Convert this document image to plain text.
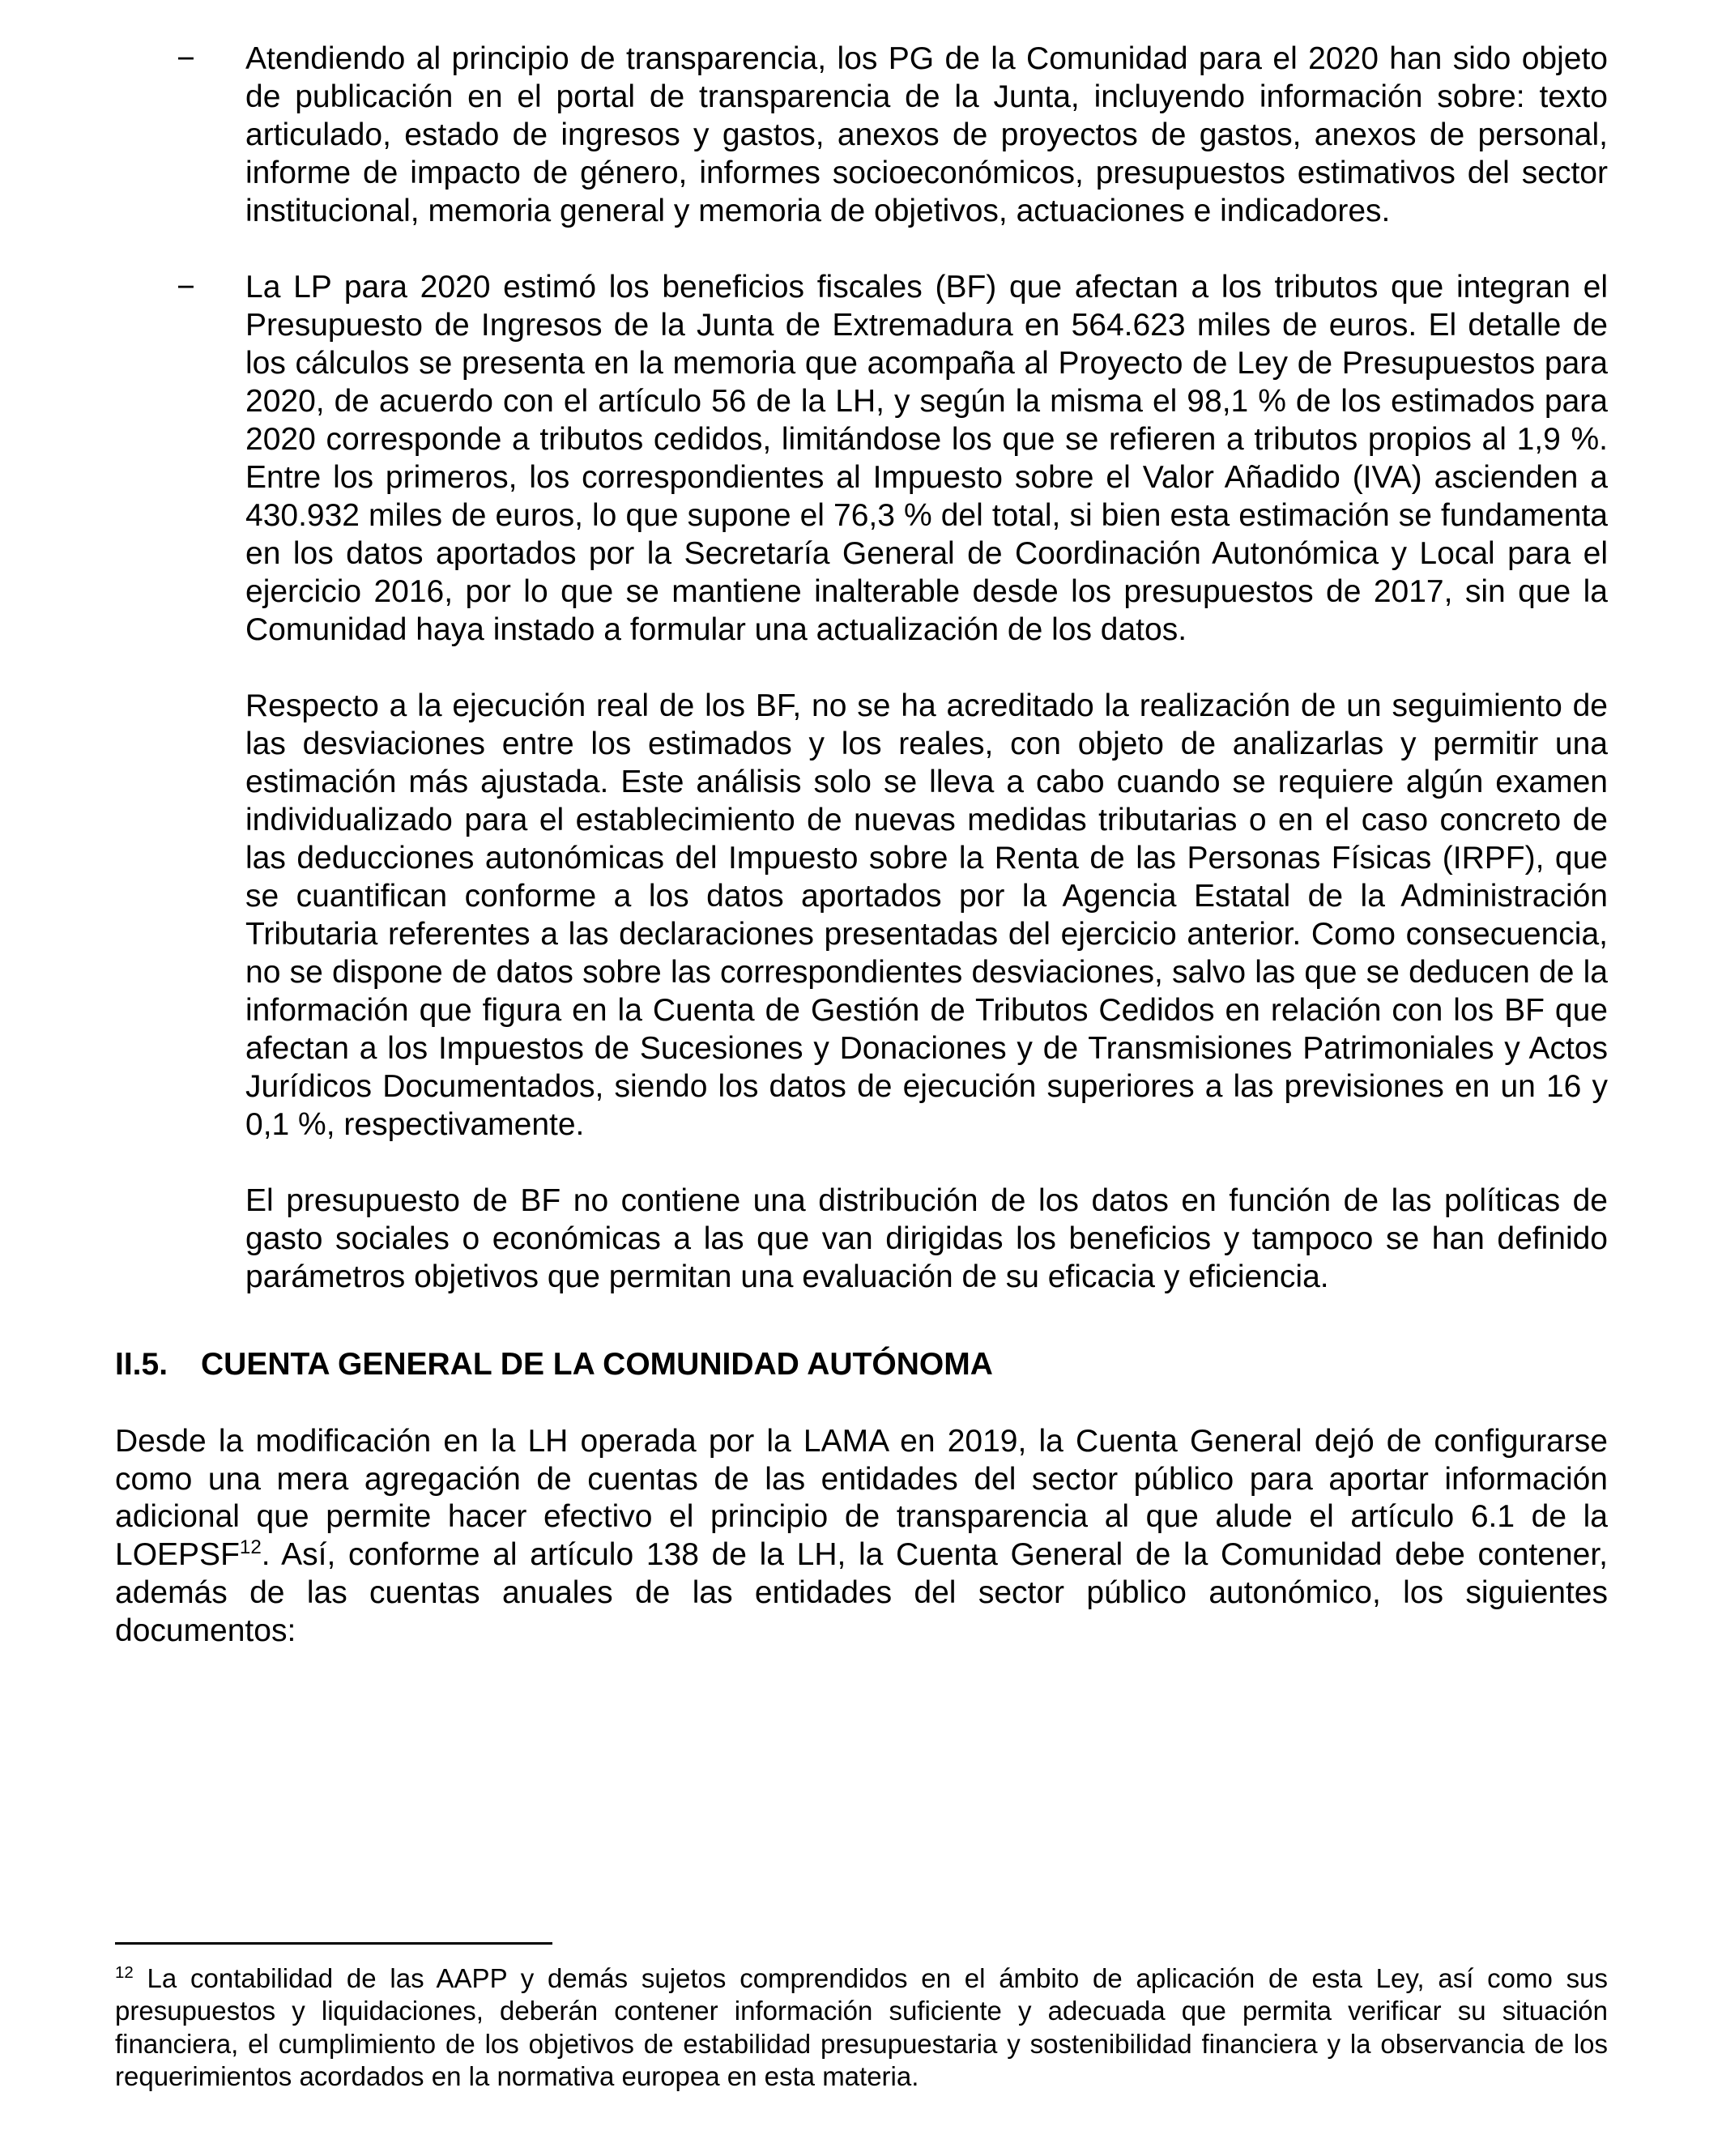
− Atendiendo al principio de transparencia, los PG de la Comunidad para el 2020 han sido objeto de publicación en el portal de transparencia de la Junta, incluyendo información sobre: texto articulado, estado de ingresos y gastos, anexos de proyectos de gastos, anexos de personal, informe de impacto de género, informes socioeconómicos, presupuestos estimativos del sector institucional, memoria general y memoria de objetivos, actuaciones e indicadores.

− La LP para 2020 estimó los beneficios fiscales (BF) que afectan a los tributos que integran el Presupuesto de Ingresos de la Junta de Extremadura en 564.623 miles de euros. El detalle de los cálculos se presenta en la memoria que acompaña al Proyecto de Ley de Presupuestos para 2020, de acuerdo con el artículo 56 de la LH, y según la misma el 98,1 % de los estimados para 2020 corresponde a tributos cedidos, limitándose los que se refieren a tributos propios al 1,9 %. Entre los primeros, los correspondientes al Impuesto sobre el Valor Añadido (IVA) ascienden a 430.932 miles de euros, lo que supone el 76,3 % del total, si bien esta estimación se fundamenta en los datos aportados por la Secretaría General de Coordinación Autonómica y Local para el ejercicio 2016, por lo que se mantiene inalterable desde los presupuestos de 2017, sin que la Comunidad haya instado a formular una actualización de los datos.

Respecto a la ejecución real de los BF, no se ha acreditado la realización de un seguimiento de las desviaciones entre los estimados y los reales, con objeto de analizarlas y permitir una estimación más ajustada. Este análisis solo se lleva a cabo cuando se requiere algún examen individualizado para el establecimiento de nuevas medidas tributarias o en el caso concreto de las deducciones autonómicas del Impuesto sobre la Renta de las Personas Físicas (IRPF), que se cuantifican conforme a los datos aportados por la Agencia Estatal de la Administración Tributaria referentes a las declaraciones presentadas del ejercicio anterior. Como consecuencia, no se dispone de datos sobre las correspondientes desviaciones, salvo las que se deducen de la información que figura en la Cuenta de Gestión de Tributos Cedidos en relación con los BF que afectan a los Impuestos de Sucesiones y Donaciones y de Transmisiones Patrimoniales y Actos Jurídicos Documentados, siendo los datos de ejecución superiores a las previsiones en un 16 y 0,1 %, respectivamente.

El presupuesto de BF no contiene una distribución de los datos en función de las políticas de gasto sociales o económicas a las que van dirigidas los beneficios y tampoco se han definido parámetros objetivos que permitan una evaluación de su eficacia y eficiencia.

II.5.	CUENTA GENERAL DE LA COMUNIDAD AUTÓNOMA

Desde la modificación en la LH operada por la LAMA en 2019, la Cuenta General dejó de configurarse como una mera agregación de cuentas de las entidades del sector público para aportar información adicional que permite hacer efectivo el principio de transparencia al que alude el artículo 6.1 de la LOEPSF$^{12}$. Así, conforme al artículo 138 de la LH, la Cuenta General de la Comunidad debe contener, además de las cuentas anuales de las entidades del sector público autonómico, los siguientes documentos:

$^{12}$ La contabilidad de las AAPP y demás sujetos comprendidos en el ámbito de aplicación de esta Ley, así como sus presupuestos y liquidaciones, deberán contener información suficiente y adecuada que permita verificar su situación financiera, el cumplimiento de los objetivos de estabilidad presupuestaria y sostenibilidad financiera y la observancia de los requerimientos acordados en la normativa europea en esta materia.
